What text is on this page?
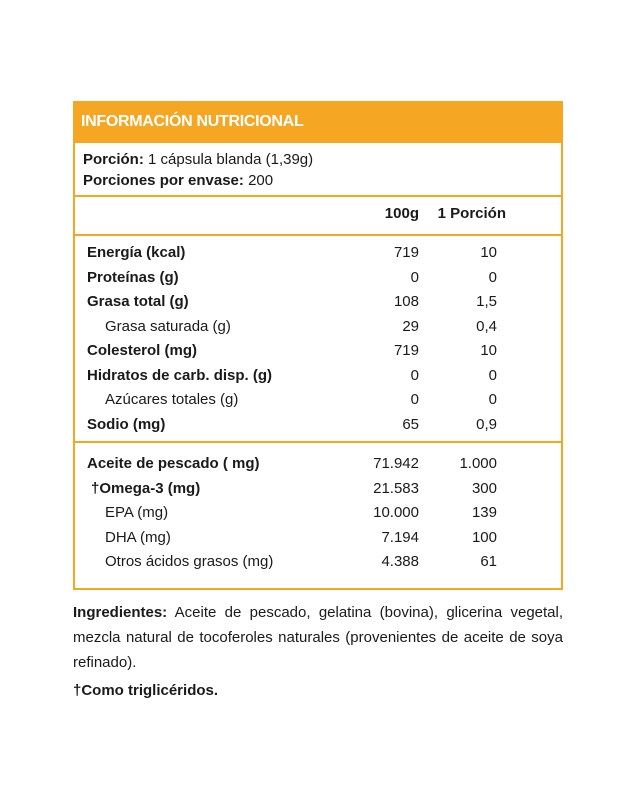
INFORMACIÓN NUTRICIONAL
Porción: 1 cápsula blanda (1,39g)
Porciones por envase: 200
100g 1 Porción
Energía (kcal)	719	10
Proteínas (g)	0	0
Grasa total (g)	108	1,5
Grasa saturada (g)	29	0,4
Colesterol (mg)	719	10
Hidratos de carb. disp. (g)	0	0
Azúcares totales (g)	0	0
Sodio (mg)	65	0,9
Aceite de pescado ( mg)	71.942	1.000
†Omega-3 (mg)	21.583	300
EPA (mg)	10.000	139
DHA (mg)	7.194	100
Otros ácidos grasos (mg)	4.388	61
Ingredientes: Aceite de pescado, gelatina (bovina), glicerina vegetal, mezcla natural de tocoferoles naturales (provenientes de aceite de soya refinado).
†Como triglicéridos.
